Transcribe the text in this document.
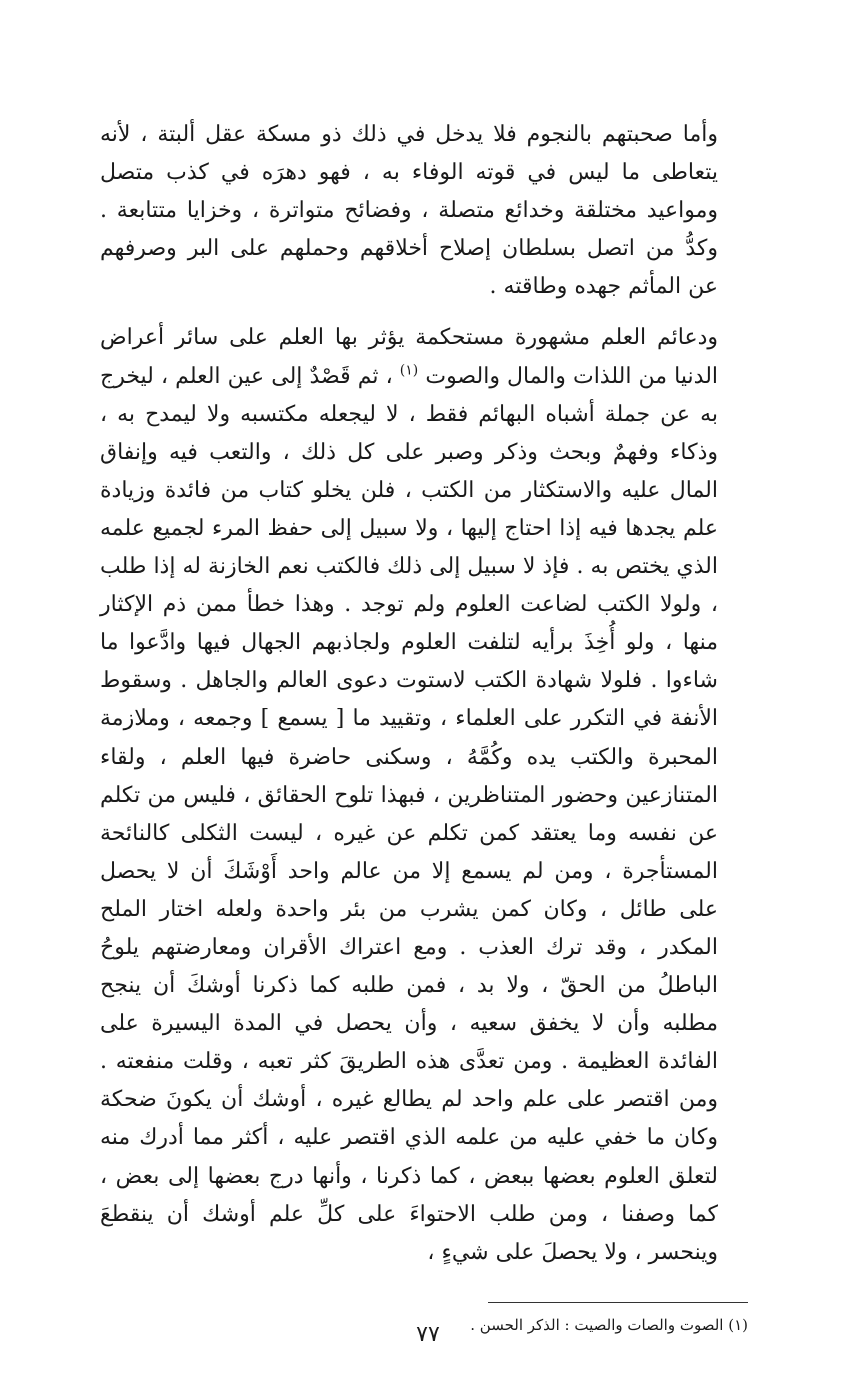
وأما صحبتهم بالنجوم فلا يدخل في ذلك ذو مسكة عقل ألبتة ، لأنه يتعاطى ما ليس في قوته الوفاء به ، فهو دهرَه في كذب متصل ومواعيد مختلقة وخدائع متصلة ، وفضائح متواترة ، وخزايا متتابعة . وكدُّ من اتصل بسلطان إصلاح أخلاقهم وحملهم على البر وصرفهم عن المأثم جهده وطاقته .

ودعائم العلم مشهورة مستحكمة يؤثر بها العلم على سائر أعراض الدنيا من اللذات والمال والصوت $^{(١)}$ ، ثم قَصْدٌ إلى عين العلم ، ليخرج به عن جملة أشباه البهائم فقط ، لا ليجعله مكتسبه ولا ليمدح به ، وذكاء وفهمٌ وبحث وذكر وصبر على كل ذلك ، والتعب فيه وإنفاق المال عليه والاستكثار من الكتب ، فلن يخلو كتاب من فائدة وزيادة علم يجدها فيه إذا احتاج إليها ، ولا سبيل إلى حفظ المرء لجميع علمه الذي يختص به . فإذ لا سبيل إلى ذلك فالكتب نعم الخازنة له إذا طلب ، ولولا الكتب لضاعت العلوم ولم توجد . وهذا خطأ ممن ذم الإكثار منها ، ولو أُخِذَ برأيه لتلفت العلوم ولجاذبهم الجهال فيها وادَّعوا ما شاءوا . فلولا شهادة الكتب لاستوت دعوى العالم والجاهل . وسقوط الأنفة في التكرر على العلماء ، وتقييد ما [ يسمع ] وجمعه ، وملازمة المحبرة والكتب يده وكُمَّهُ ، وسكنى حاضرة فيها العلم ، ولقاء المتنازعين وحضور المتناظرين ، فبهذا تلوح الحقائق ، فليس من تكلم عن نفسه وما يعتقد كمن تكلم عن غيره ، ليست الثكلى كالنائحة المستأجرة ، ومن لم يسمع إلا من عالم واحد أَوْشَكَ أن لا يحصل على طائل ، وكان كمن يشرب من بئر واحدة ولعله اختار الملح المكدر ، وقد ترك العذب . ومع اعتراك الأقران ومعارضتهم يلوحُ الباطلُ من الحقّ ، ولا بد ، فمن طلبه كما ذكرنا أوشكَ أن ينجح مطلبه وأن لا يخفق سعيه ، وأن يحصل في المدة اليسيرة على الفائدة العظيمة . ومن تعدَّى هذه الطريقَ كثر تعبه ، وقلت منفعته . ومن اقتصر على علم واحد لم يطالع غيره ، أوشك أن يكونَ ضحكة وكان ما خفي عليه من علمه الذي اقتصر عليه ، أكثر مما أدرك منه لتعلق العلوم بعضها ببعض ، كما ذكرنا ، وأنها درج بعضها إلى بعض ، كما وصفنا ، ومن طلب الاحتواءَ على كلِّ علم أوشك أن ينقطعَ وينحسر ، ولا يحصلَ على شيءٍ ،

(١) الصوت والصات والصيت : الذكر الحسن .

٧٧
